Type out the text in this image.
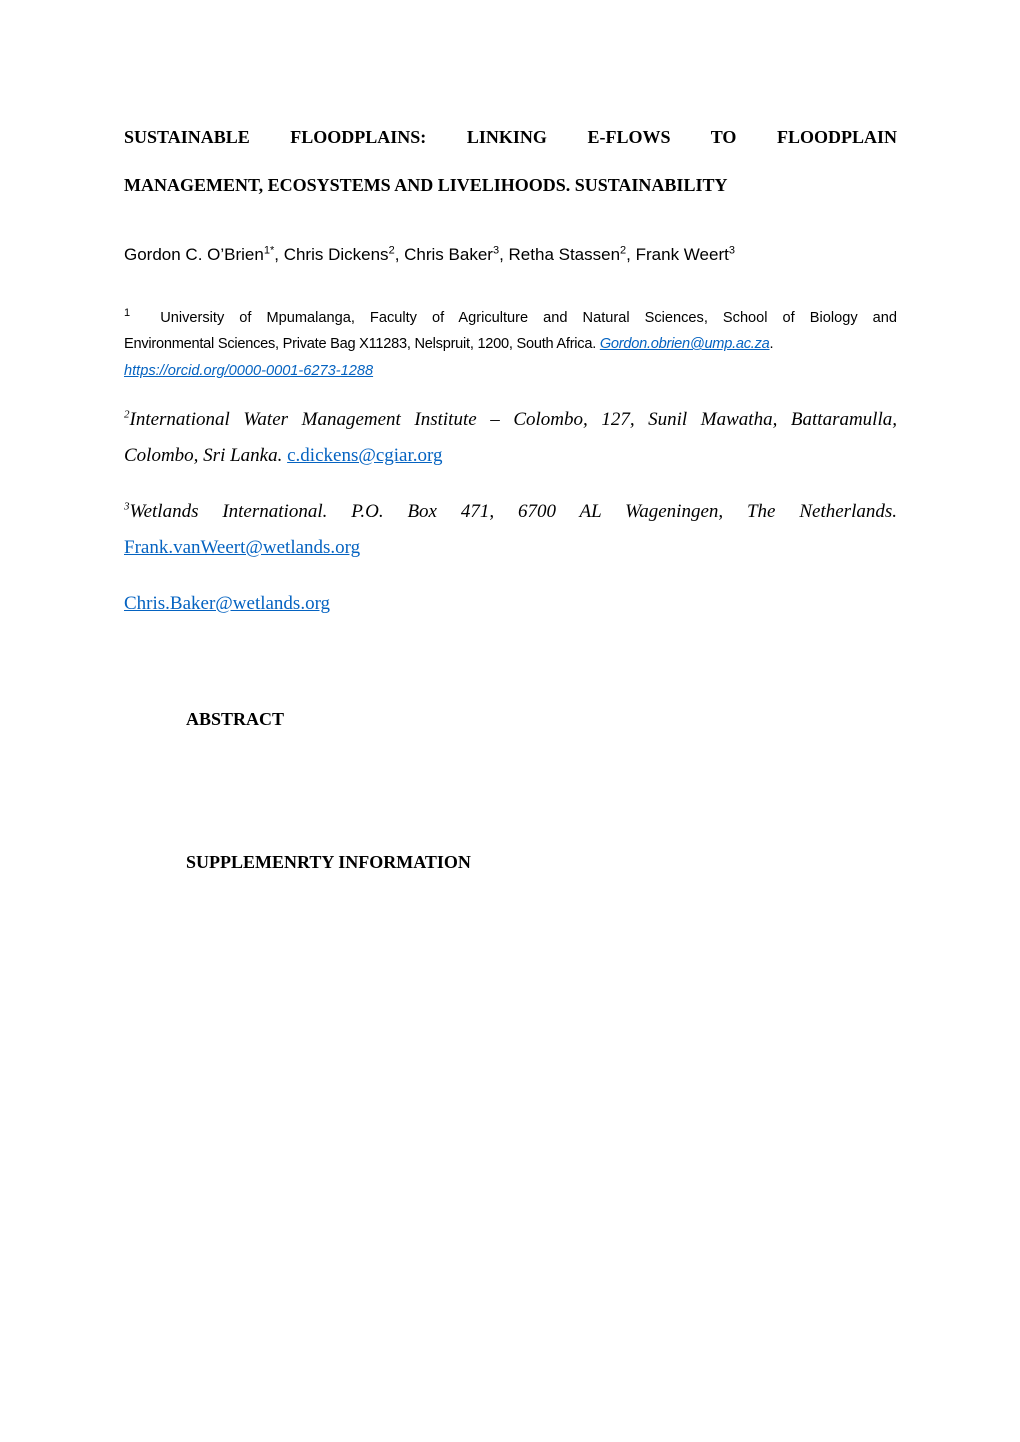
SUSTAINABLE FLOODPLAINS: LINKING E-FLOWS TO FLOODPLAIN
MANAGEMENT, ECOSYSTEMS AND LIVELIHOODS. SUSTAINABILITY
Gordon C. O’Brien$^{1*}$, Chris Dickens$^2$, Chris Baker$^3$, Retha Stassen$^2$, Frank Weert$^3$
$^1$ University of Mpumalanga, Faculty of Agriculture and Natural Sciences, School of Biology and
Environmental Sciences, Private Bag X11283, Nelspruit, 1200, South Africa. Gordon.obrien@ump.ac.za.
https://orcid.org/0000-0001-6273-1288
$^2$International Water Management Institute – Colombo, 127, Sunil Mawatha, Battaramulla,
Colombo, Sri Lanka. c.dickens@cgiar.org
$^3$Wetlands International. P.O. Box 471, 6700 AL Wageningen, The Netherlands.
Frank.vanWeert@wetlands.org
Chris.Baker@wetlands.org
ABSTRACT
SUPPLEMENRTY INFORMATION
